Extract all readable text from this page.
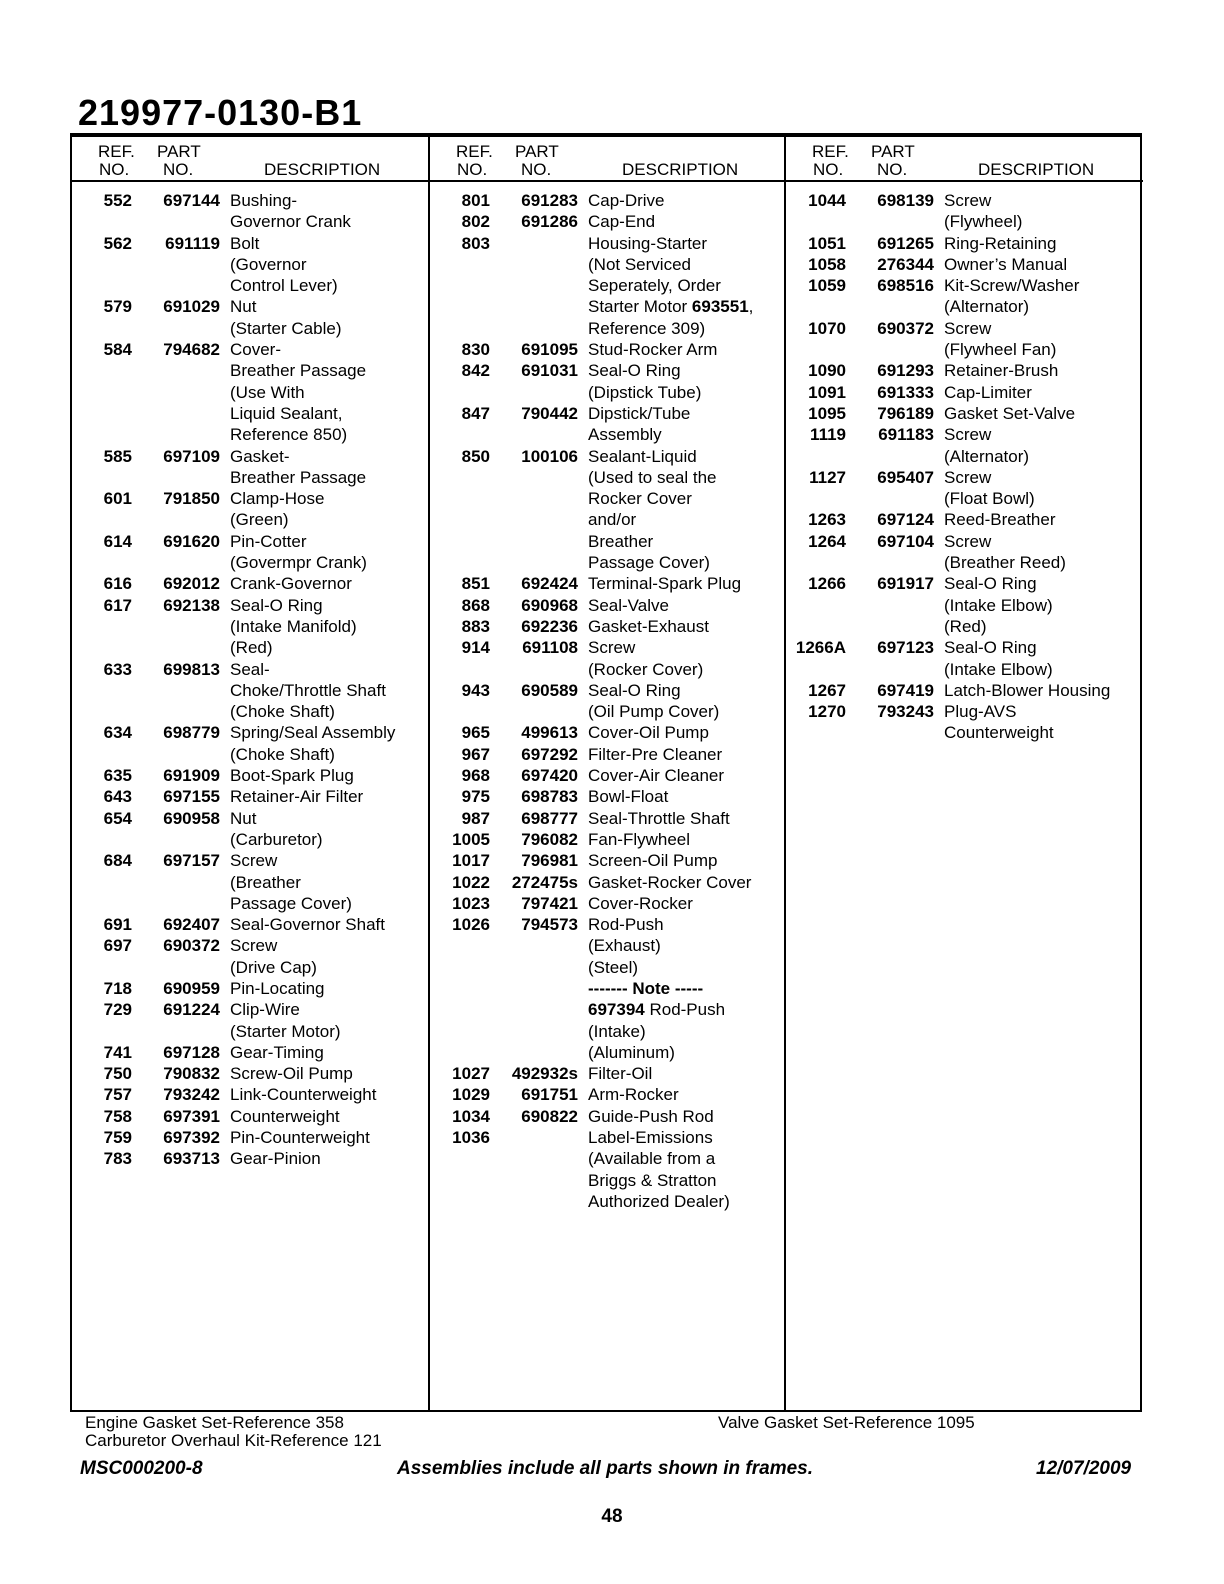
219977-0130-B1
REF.
NO.
PART
NO.	DESCRIPTION
552	697144 Bushing-
Governor Crank
562	691119 Bolt
(Governor
Control Lever)
579	691029 Nut
(Starter Cable)
584	794682 Cover-
Breather Passage
(Use With
Liquid Sealant,
Reference 850)
585	697109 Gasket-
Breather Passage
601	791850 Clamp-Hose
(Green)
614	691620 Pin-Cotter
(Govermpr Crank)
616	692012 Crank-Governor
617	692138 Seal-O Ring
(Intake Manifold)
(Red)
633	699813 Seal-
Choke/Throttle Shaft
(Choke Shaft)
634	698779 Spring/Seal Assembly
(Choke Shaft)
635	691909 Boot-Spark Plug
643	697155 Retainer-Air Filter
654	690958 Nut
(Carburetor)
684	697157 Screw
(Breather
Passage Cover)
691	692407 Seal-Governor Shaft
697	690372 Screw
(Drive Cap)
718	690959 Pin-Locating
729	691224 Clip-Wire
(Starter Motor)
741	697128 Gear-Timing
750	790832 Screw-Oil Pump
757	793242 Link-Counterweight
758	697391 Counterweight
759	697392 Pin-Counterweight
783	693713 Gear-Pinion
REF.
NO.
PART
NO.	DESCRIPTION
801	691283 Cap-Drive
802	691286 Cap-End
803	Housing-Starter
(Not Serviced
Seperately, Order
Starter Motor 693551,
Reference 309)
830	691095 Stud-Rocker Arm
842	691031 Seal-O Ring
(Dipstick Tube)
847	790442 Dipstick/Tube
Assembly
850	100106 Sealant-Liquid
(Used to seal the
Rocker Cover
and/or
Breather
Passage Cover)
851	692424 Terminal-Spark Plug
868	690968 Seal-Valve
883	692236 Gasket-Exhaust
914	691108 Screw
(Rocker Cover)
943	690589 Seal-O Ring
(Oil Pump Cover)
965	499613 Cover-Oil Pump
967	697292 Filter-Pre Cleaner
968	697420 Cover-Air Cleaner
975	698783 Bowl-Float
987	698777 Seal-Throttle Shaft
1005	796082 Fan-Flywheel
1017	796981 Screen-Oil Pump
1022	272475s Gasket-Rocker Cover
1023	797421 Cover-Rocker
1026	794573 Rod-Push
(Exhaust)
(Steel)
------- Note -----
697394 Rod-Push
(Intake)
(Aluminum)
1027	492932s Filter-Oil
1029	691751 Arm-Rocker
1034	690822 Guide-Push Rod
1036	Label-Emissions
(Available from a
Briggs & Stratton
Authorized Dealer)
REF.
NO.
PART
NO.	DESCRIPTION
1044	698139 Screw
(Flywheel)
1051	691265 Ring-Retaining
1058	276344 Owner’s Manual
1059	698516 Kit-Screw/Washer
(Alternator)
1070	690372 Screw
(Flywheel Fan)
1090	691293 Retainer-Brush
1091	691333 Cap-Limiter
1095	796189 Gasket Set-Valve
1119	691183 Screw
(Alternator)
1127	695407 Screw
(Float Bowl)
1263	697124 Reed-Breather
1264	697104 Screw
(Breather Reed)
1266	691917 Seal-O Ring
(Intake Elbow)
(Red)
1266A	697123 Seal-O Ring
(Intake Elbow)
1267	697419 Latch-Blower Housing
1270	793243 Plug-AVS
Counterweight
Engine Gasket Set-Reference 358
Carburetor Overhaul Kit-Reference 121
Valve Gasket Set-Reference 1095
MSC000200-8	Assemblies include all parts shown in frames.	12/07/2009
48
